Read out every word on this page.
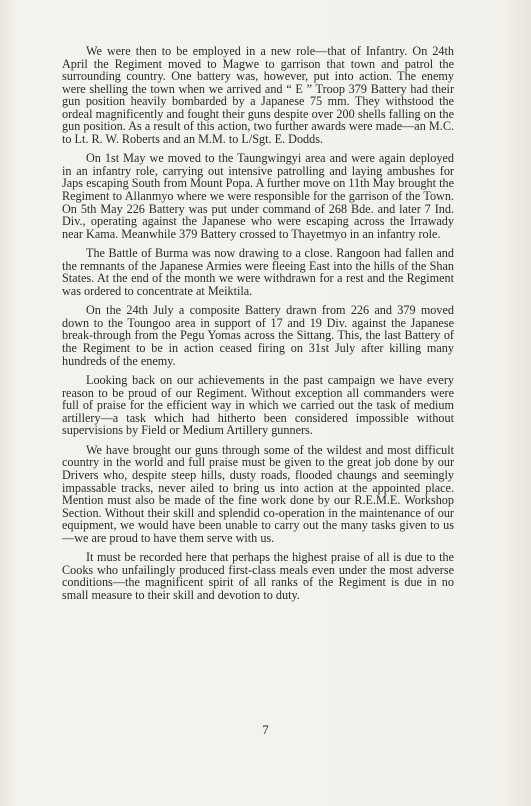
We were then to be employed in a new role—that of Infantry. On 24th April the Regiment moved to Magwe to garrison that town and patrol the surrounding country. One battery was, however, put into action. The enemy were shelling the town when we arrived and “ E ” Troop 379 Battery had their gun position heavily bombarded by a Japanese 75 mm. They withstood the ordeal magnificently and fought their guns despite over 200 shells falling on the gun position. As a result of this action, two further awards were made—an M.C. to Lt. R. W. Roberts and an M.M. to L/Sgt. E. Dodds.

On 1st May we moved to the Taungwingyi area and were again deployed in an infantry role, carrying out intensive patrolling and laying ambushes for Japs escaping South from Mount Popa. A further move on 11th May brought the Regiment to Allanmyo where we were responsible for the garrison of the Town. On 5th May 226 Battery was put under command of 268 Bde. and later 7 Ind. Div., operating against the Japanese who were escaping across the Irrawady near Kama. Meanwhile 379 Battery crossed to Thayetmyo in an infantry role.

The Battle of Burma was now drawing to a close. Rangoon had fallen and the remnants of the Japanese Armies were fleeing East into the hills of the Shan States. At the end of the month we were withdrawn for a rest and the Regiment was ordered to concentrate at Meiktila.

On the 24th July a composite Battery drawn from 226 and 379 moved down to the Toungoo area in support of 17 and 19 Div. against the Japanese break-through from the Pegu Yomas across the Sittang. This, the last Battery of the Regiment to be in action ceased firing on 31st July after killing many hundreds of the enemy.

Looking back on our achievements in the past campaign we have every reason to be proud of our Regiment. Without exception all commanders were full of praise for the efficient way in which we carried out the task of medium artillery—a task which had hitherto been considered impossible without supervisions by Field or Medium Artillery gunners.

We have brought our guns through some of the wildest and most difficult country in the world and full praise must be given to the great job done by our Drivers who, despite steep hills, dusty roads, flooded chaungs and seemingly impassable tracks, never ailed to bring us into action at the appointed place. Mention must also be made of the fine work done by our R.E.M.E. Workshop Section. Without their skill and splendid co-operation in the maintenance of our equipment, we would have been unable to carry out the many tasks given to us—we are proud to have them serve with us.

It must be recorded here that perhaps the highest praise of all is due to the Cooks who unfailingly produced first-class meals even under the most adverse conditions—the magnificent spirit of all ranks of the Regiment is due in no small measure to their skill and devotion to duty.

7
